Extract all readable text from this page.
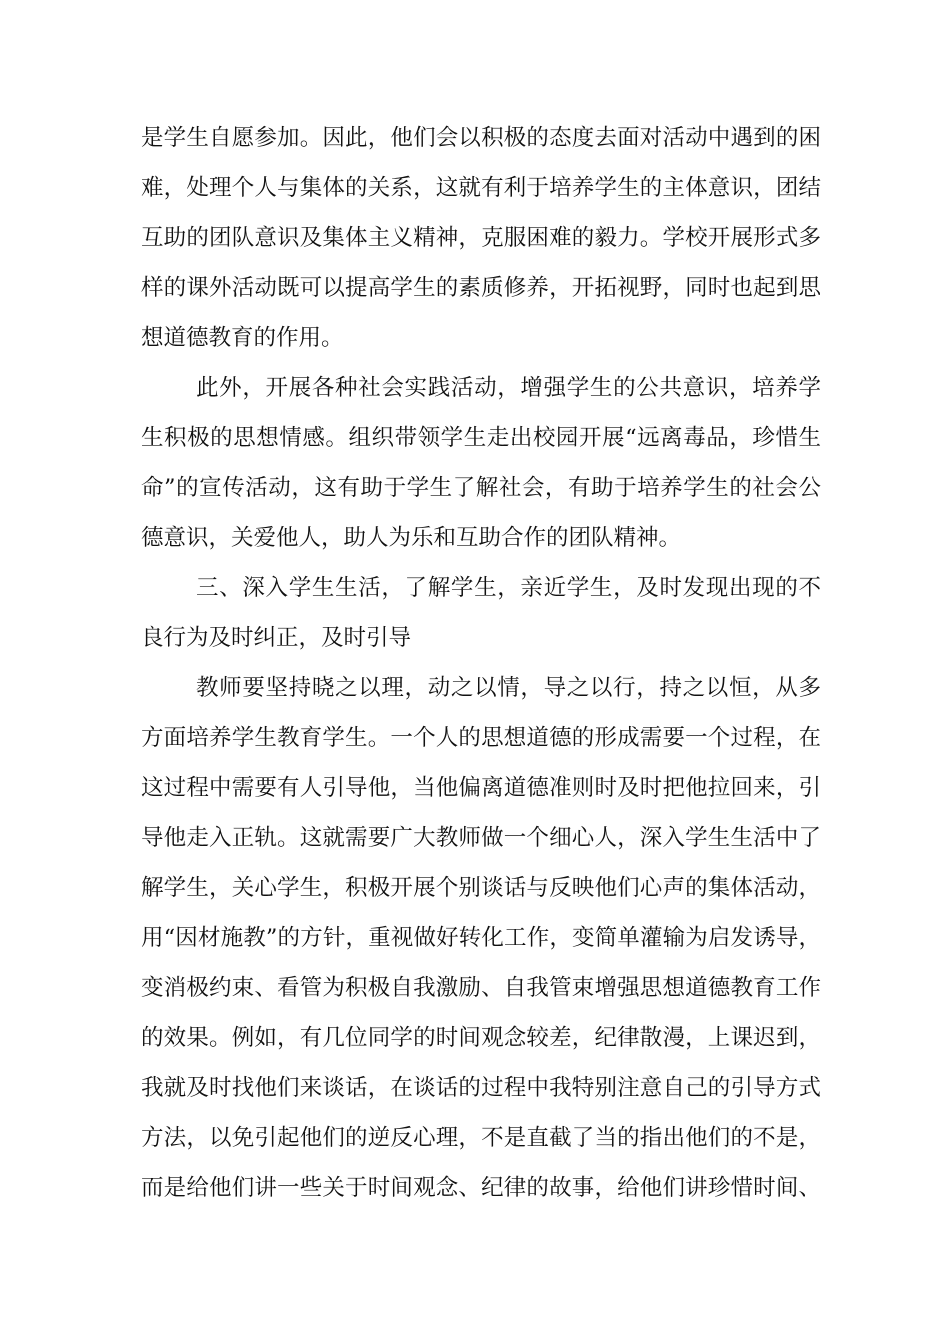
是学生自愿参加。因此，他们会以积极的态度去面对活动中遇到的困
难，处理个人与集体的关系，这就有利于培养学生的主体意识，团结
互助的团队意识及集体主义精神，克服困难的毅力。学校开展形式多
样的课外活动既可以提高学生的素质修养，开拓视野，同时也起到思
想道德教育的作用。
此外，开展各种社会实践活动，增强学生的公共意识，培养学
生积极的思想情感。组织带领学生走出校园开展“远离毒品，珍惜生
命”的宣传活动，这有助于学生了解社会，有助于培养学生的社会公
德意识，关爱他人，助人为乐和互助合作的团队精神。
三、深入学生生活，了解学生，亲近学生，及时发现出现的不
良行为及时纠正，及时引导
教师要坚持晓之以理，动之以情，导之以行，持之以恒，从多
方面培养学生教育学生。一个人的思想道德的形成需要一个过程，在
这过程中需要有人引导他，当他偏离道德准则时及时把他拉回来，引
导他走入正轨。这就需要广大教师做一个细心人，深入学生生活中了
解学生，关心学生，积极开展个别谈话与反映他们心声的集体活动，
用“因材施教”的方针，重视做好转化工作，变简单灌输为启发诱导，
变消极约束、看管为积极自我激励、自我管束增强思想道德教育工作
的效果。例如，有几位同学的时间观念较差，纪律散漫，上课迟到，
我就及时找他们来谈话，在谈话的过程中我特别注意自己的引导方式
方法，以免引起他们的逆反心理，不是直截了当的指出他们的不是，
而是给他们讲一些关于时间观念、纪律的故事，给他们讲珍惜时间、
